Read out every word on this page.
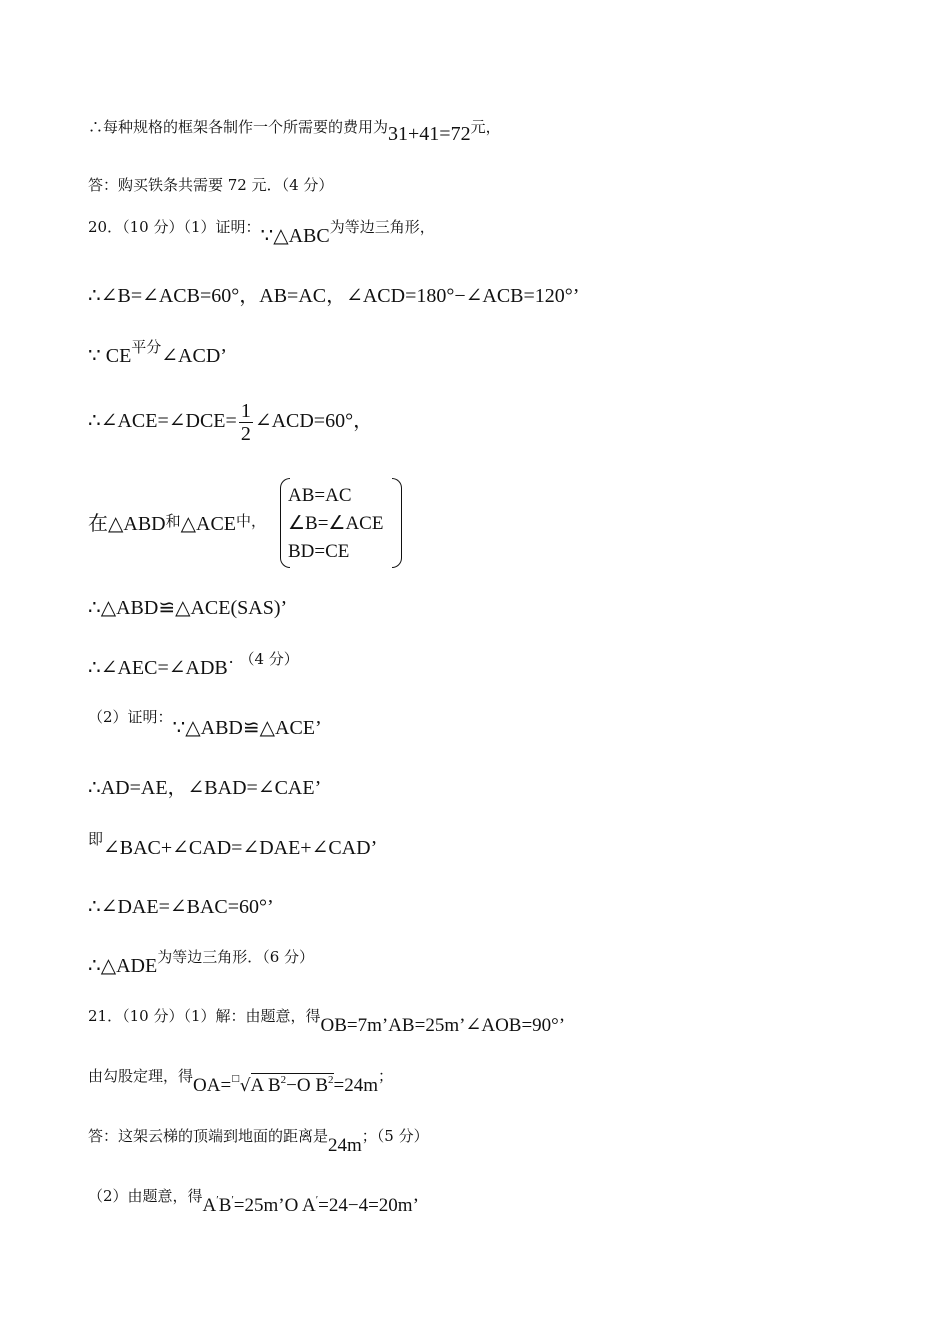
∴每种规格的框架各制作一个所需要的费用为31+41=72元，
答：购买铁条共需要 72 元．（4 分）
20．（10 分）（1）证明：∵△ABC为等边三角形，
∴∠B=∠ACB=60°，AB=AC，∠ACD=180°−∠ACB=120°’
∵ CE平分∠ACD’
∴∠ACE=∠DCE= $\frac{1}{2}$ ∠ACD=60°，
在△ABD和△ACE中，
AB=AC
∠B=∠ACE
BD=CE
∴△ABD≌△ACE(SAS)’
∴∠AEC=∠ADB˙ （4 分）
（2）证明：∵△ABD≌△ACE’
∴AD=AE，∠BAD=∠CAE’
即∠BAC+∠CAD=∠DAE+∠CAD’
∴∠DAE=∠BAC=60°’
∴△ADE为等边三角形．（6 分）
21．（10 分）（1）解：由题意，得OB=7m’AB=25m’∠AOB=90°’
由勾股定理，得OA=□√A $B^2-O$ $B^2=24m$；
答：这架云梯的顶端到地面的距离是24m；（5 分）
（2）由题意，得A′B′=25m’O A′=24−4=20m’
